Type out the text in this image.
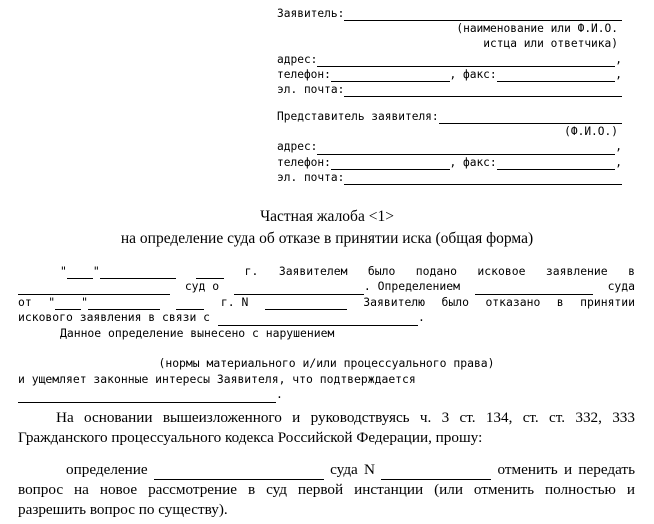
Заявитель:
(наименование или Ф.И.О.
истца или ответчика)
адрес:	,
телефон:	, факс:	,
эл. почта:
Представитель заявителя:
(Ф.И.О.)
адрес:	,
телефон:	, факс:	,
эл. почта:
Частная жалоба <1>
на определение суда об отказе в принятии иска (общая форма)
" "	г. Заявителем было подано исковое заявление в
суд о	. Определением	суда
от " "	г. N	Заявителю было отказано в принятии
искового заявления в связи с	.
Данное определение вынесено с нарушением
(нормы материального и/или процессуального права)
и ущемляет законные интересы Заявителя, что подтверждается
.
На основании вышеизложенного и руководствуясь ч. 3 ст. 134, ст. ст. 332, 333
Гражданского процессуального кодекса Российской Федерации, прошу:
определение	суда N	отменить и передать
вопрос на новое рассмотрение в суд первой инстанции (или отменить полностью и
разрешить вопрос по существу).
